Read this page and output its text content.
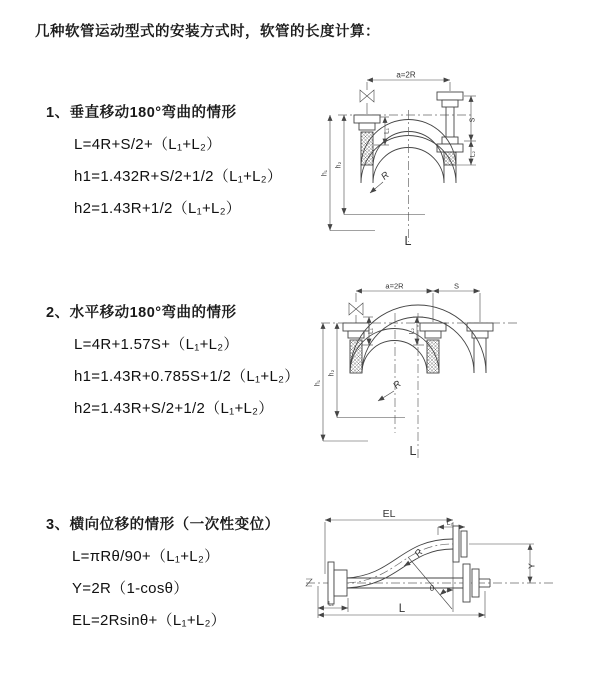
几种软管运动型式的安装方式时，软管的长度计算：
1、垂直移动180°弯曲的情形
L=4R+S/2+（L₁+L₂）
h1=1.432R+S/2+1/2（L₁+L₂）
h2=1.43R+1/2（L₁+L₂）
a=2R
h₁
h₂
L₁
S
L₂
R
L
2、水平移动180°弯曲的情形
L=4R+1.57S+（L₁+L₂）
h1=1.43R+0.785S+1/2（L₁+L₂）
h2=1.43R+S/2+1/2（L₁+L₂）
a=2R	S
h₁
h₂
L₁	L₂
R
L
3、横向位移的情形（一次性变位）
L=πRθ/90+（L₁+L₂）
Y=2R（1-cosθ）
EL=2Rsinθ+（L₁+L₂）
EL
L₂
Y
θ
R
L₁	L
